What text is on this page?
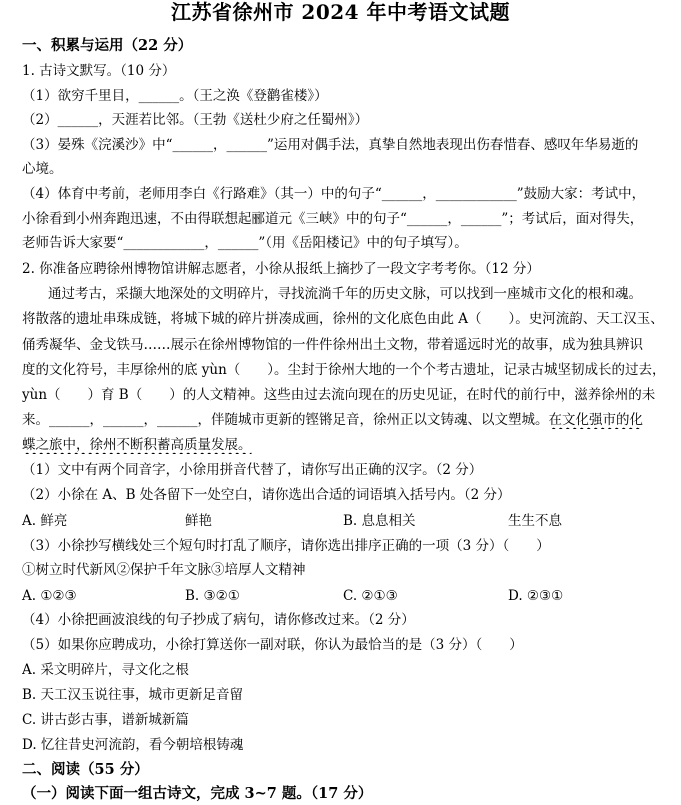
江苏省徐州市 2024 年中考语文试题
一、积累与运用（22 分）
1. 古诗文默写。（10 分）
（1）欲穷千里目，______。（王之涣《登鹳雀楼》）
（2）______，天涯若比邻。（王勃《送杜少府之任蜀州》）
（3）晏殊《浣溪沙》中“______，______”运用对偶手法，真挚自然地表现出伤春惜春、感叹年华易逝的
心境。
（4）体育中考前，老师用李白《行路难》（其一）中的句子“______，____________”鼓励大家：考试中，
小徐看到小州奔跑迅速，不由得联想起郦道元《三峡》中的句子“______，______”；考试后，面对得失，
老师告诉大家要“____________，______”（用《岳阳楼记》中的句子填写）。
2. 你准备应聘徐州博物馆讲解志愿者，小徐从报纸上摘抄了一段文字考考你。（12 分）
通过考古，采撷大地深处的文明碎片，寻找流淌千年的历史文脉，可以找到一座城市文化的根和魂。
将散落的遗址串珠成链，将城下城的碎片拼凑成画，徐州的文化底色由此 A（　　）。史河流韵、天工汉玉、
俑秀凝华、金戈铁马……展示在徐州博物馆的一件件徐州出土文物，带着遥远时光的故事，成为独具辨识
度的文化符号，丰厚徐州的底 yùn（　　）。尘封于徐州大地的一个个考古遗址，记录古城坚韧成长的过去，
yùn（　　）育 B（　　）的人文精神。这些由过去流向现在的历史见证，在时代的前行中，滋养徐州的未
来。______，______，______，伴随城市更新的铿锵足音，徐州正以文铸魂、以文塑城。在文化强市的化
蝶之旅中，徐州不断积蓄高质量发展。
（1）文中有两个同音字，小徐用拼音代替了，请你写出正确的汉字。（2 分）
（2）小徐在 A、B 处各留下一处空白，请你选出合适的词语填入括号内。（2 分）
A. 鲜亮	鲜艳	B. 息息相关	生生不息
（3）小徐抄写横线处三个短句时打乱了顺序，请你选出排序正确的一项（3 分）（　　）
①树立时代新风②保护千年文脉③培厚人文精神
A. ①②③	B. ③②①	C. ②①③	D. ②③①
（4）小徐把画波浪线的句子抄成了病句，请你修改过来。（2 分）
（5）如果你应聘成功，小徐打算送你一副对联，你认为最恰当的是（3 分）（　　）
A. 采文明碎片，寻文化之根
B. 天工汉玉说往事，城市更新足音留
C. 讲古彭古事，谱新城新篇
D. 忆往昔史河流韵，看今朝培根铸魂
二、阅读（55 分）
（一）阅读下面一组古诗文，完成 3~7 题。（17 分）
